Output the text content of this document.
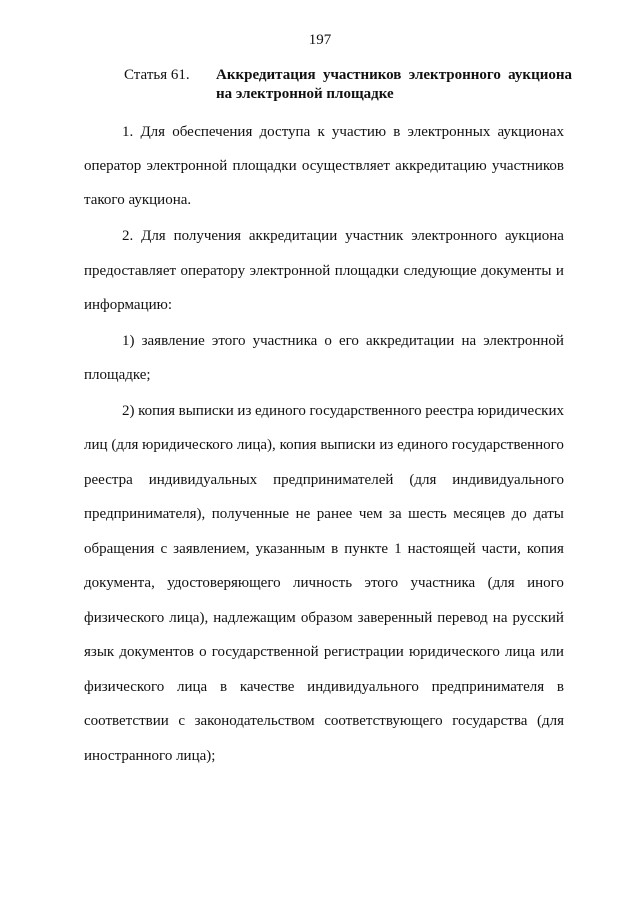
197
Статья 61. Аккредитация участников электронного аукциона на электронной площадке
1. Для обеспечения доступа к участию в электронных аукционах
оператор электронной площадки осуществляет аккредитацию участников
такого аукциона.
2. Для получения аккредитации участник электронного аукциона
предоставляет оператору электронной площадки следующие документы и
информацию:
1) заявление этого участника о его аккредитации на электронной
площадке;
2) копия выписки из единого государственного реестра юридических
лиц (для юридического лица), копия выписки из единого государственного
реестра индивидуальных предпринимателей (для индивидуального
предпринимателя), полученные не ранее чем за шесть месяцев до даты
обращения с заявлением, указанным в пункте 1 настоящей части, копия
документа, удостоверяющего личность этого участника (для иного
физического лица), надлежащим образом заверенный перевод на русский
язык документов о государственной регистрации юридического лица или
физического лица в качестве индивидуального предпринимателя в
соответствии с законодательством соответствующего государства (для
иностранного лица);
